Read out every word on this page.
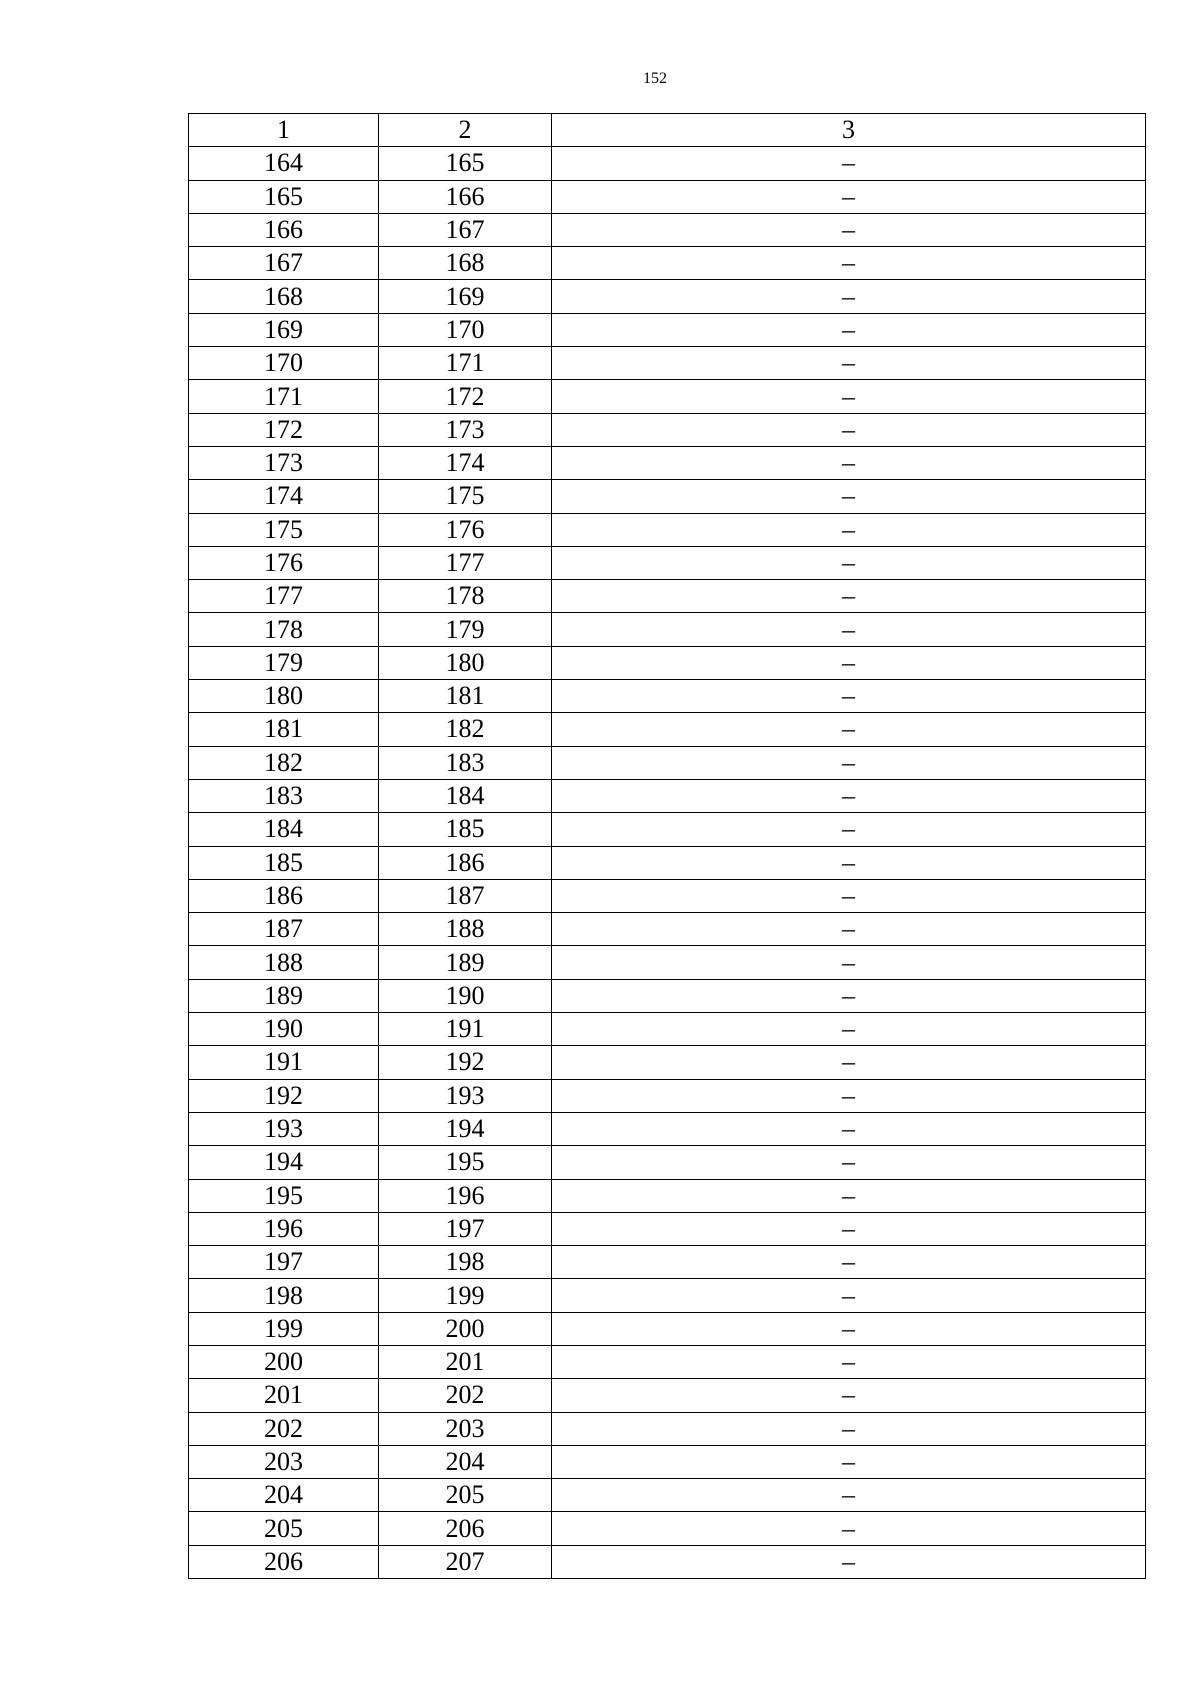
152
1	2	3
164	165	–
165	166	–
166	167	–
167	168	–
168	169	–
169	170	–
170	171	–
171	172	–
172	173	–
173	174	–
174	175	–
175	176	–
176	177	–
177	178	–
178	179	–
179	180	–
180	181	–
181	182	–
182	183	–
183	184	–
184	185	–
185	186	–
186	187	–
187	188	–
188	189	–
189	190	–
190	191	–
191	192	–
192	193	–
193	194	–
194	195	–
195	196	–
196	197	–
197	198	–
198	199	–
199	200	–
200	201	–
201	202	–
202	203	–
203	204	–
204	205	–
205	206	–
206	207	–
